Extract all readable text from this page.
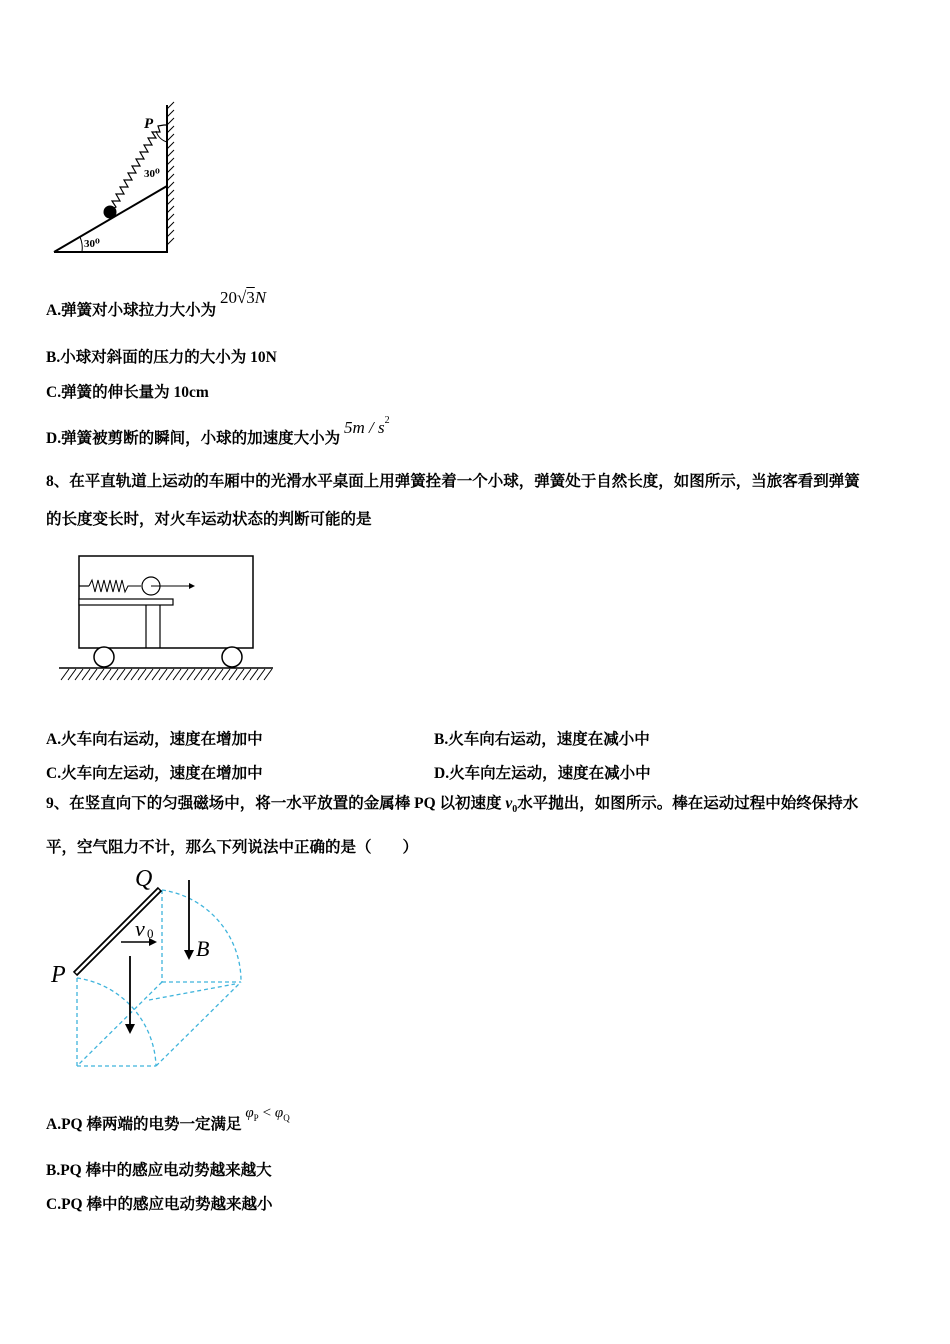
P
30⁰
30⁰
A.弹簧对小球拉力大小为 20√3N
B.小球对斜面的压力的大小为 10N
C.弹簧的伸长量为 10cm
D.弹簧被剪断的瞬间，小球的加速度大小为 $5m / s^2$
8、在平直轨道上运动的车厢中的光滑水平桌面上用弹簧拴着一个小球，弹簧处于自然长度，如图所示，当旅客看到弹簧
的长度变长时，对火车运动状态的判断可能的是
A.火车向右运动，速度在增加中	B.火车向右运动，速度在减小中
C.火车向左运动，速度在增加中	D.火车向左运动，速度在减小中
9、在竖直向下的匀强磁场中，将一水平放置的金属棒 PQ 以初速度 $v_0$水平抛出，如图所示。棒在运动过程中始终保持水
平，空气阻力不计，那么下列说法中正确的是（　　）
Q
P
v 0
B
A.PQ 棒两端的电势一定满足 $\varphi^P < \varphi^Q$
B.PQ 棒中的感应电动势越来越大
C.PQ 棒中的感应电动势越来越小
